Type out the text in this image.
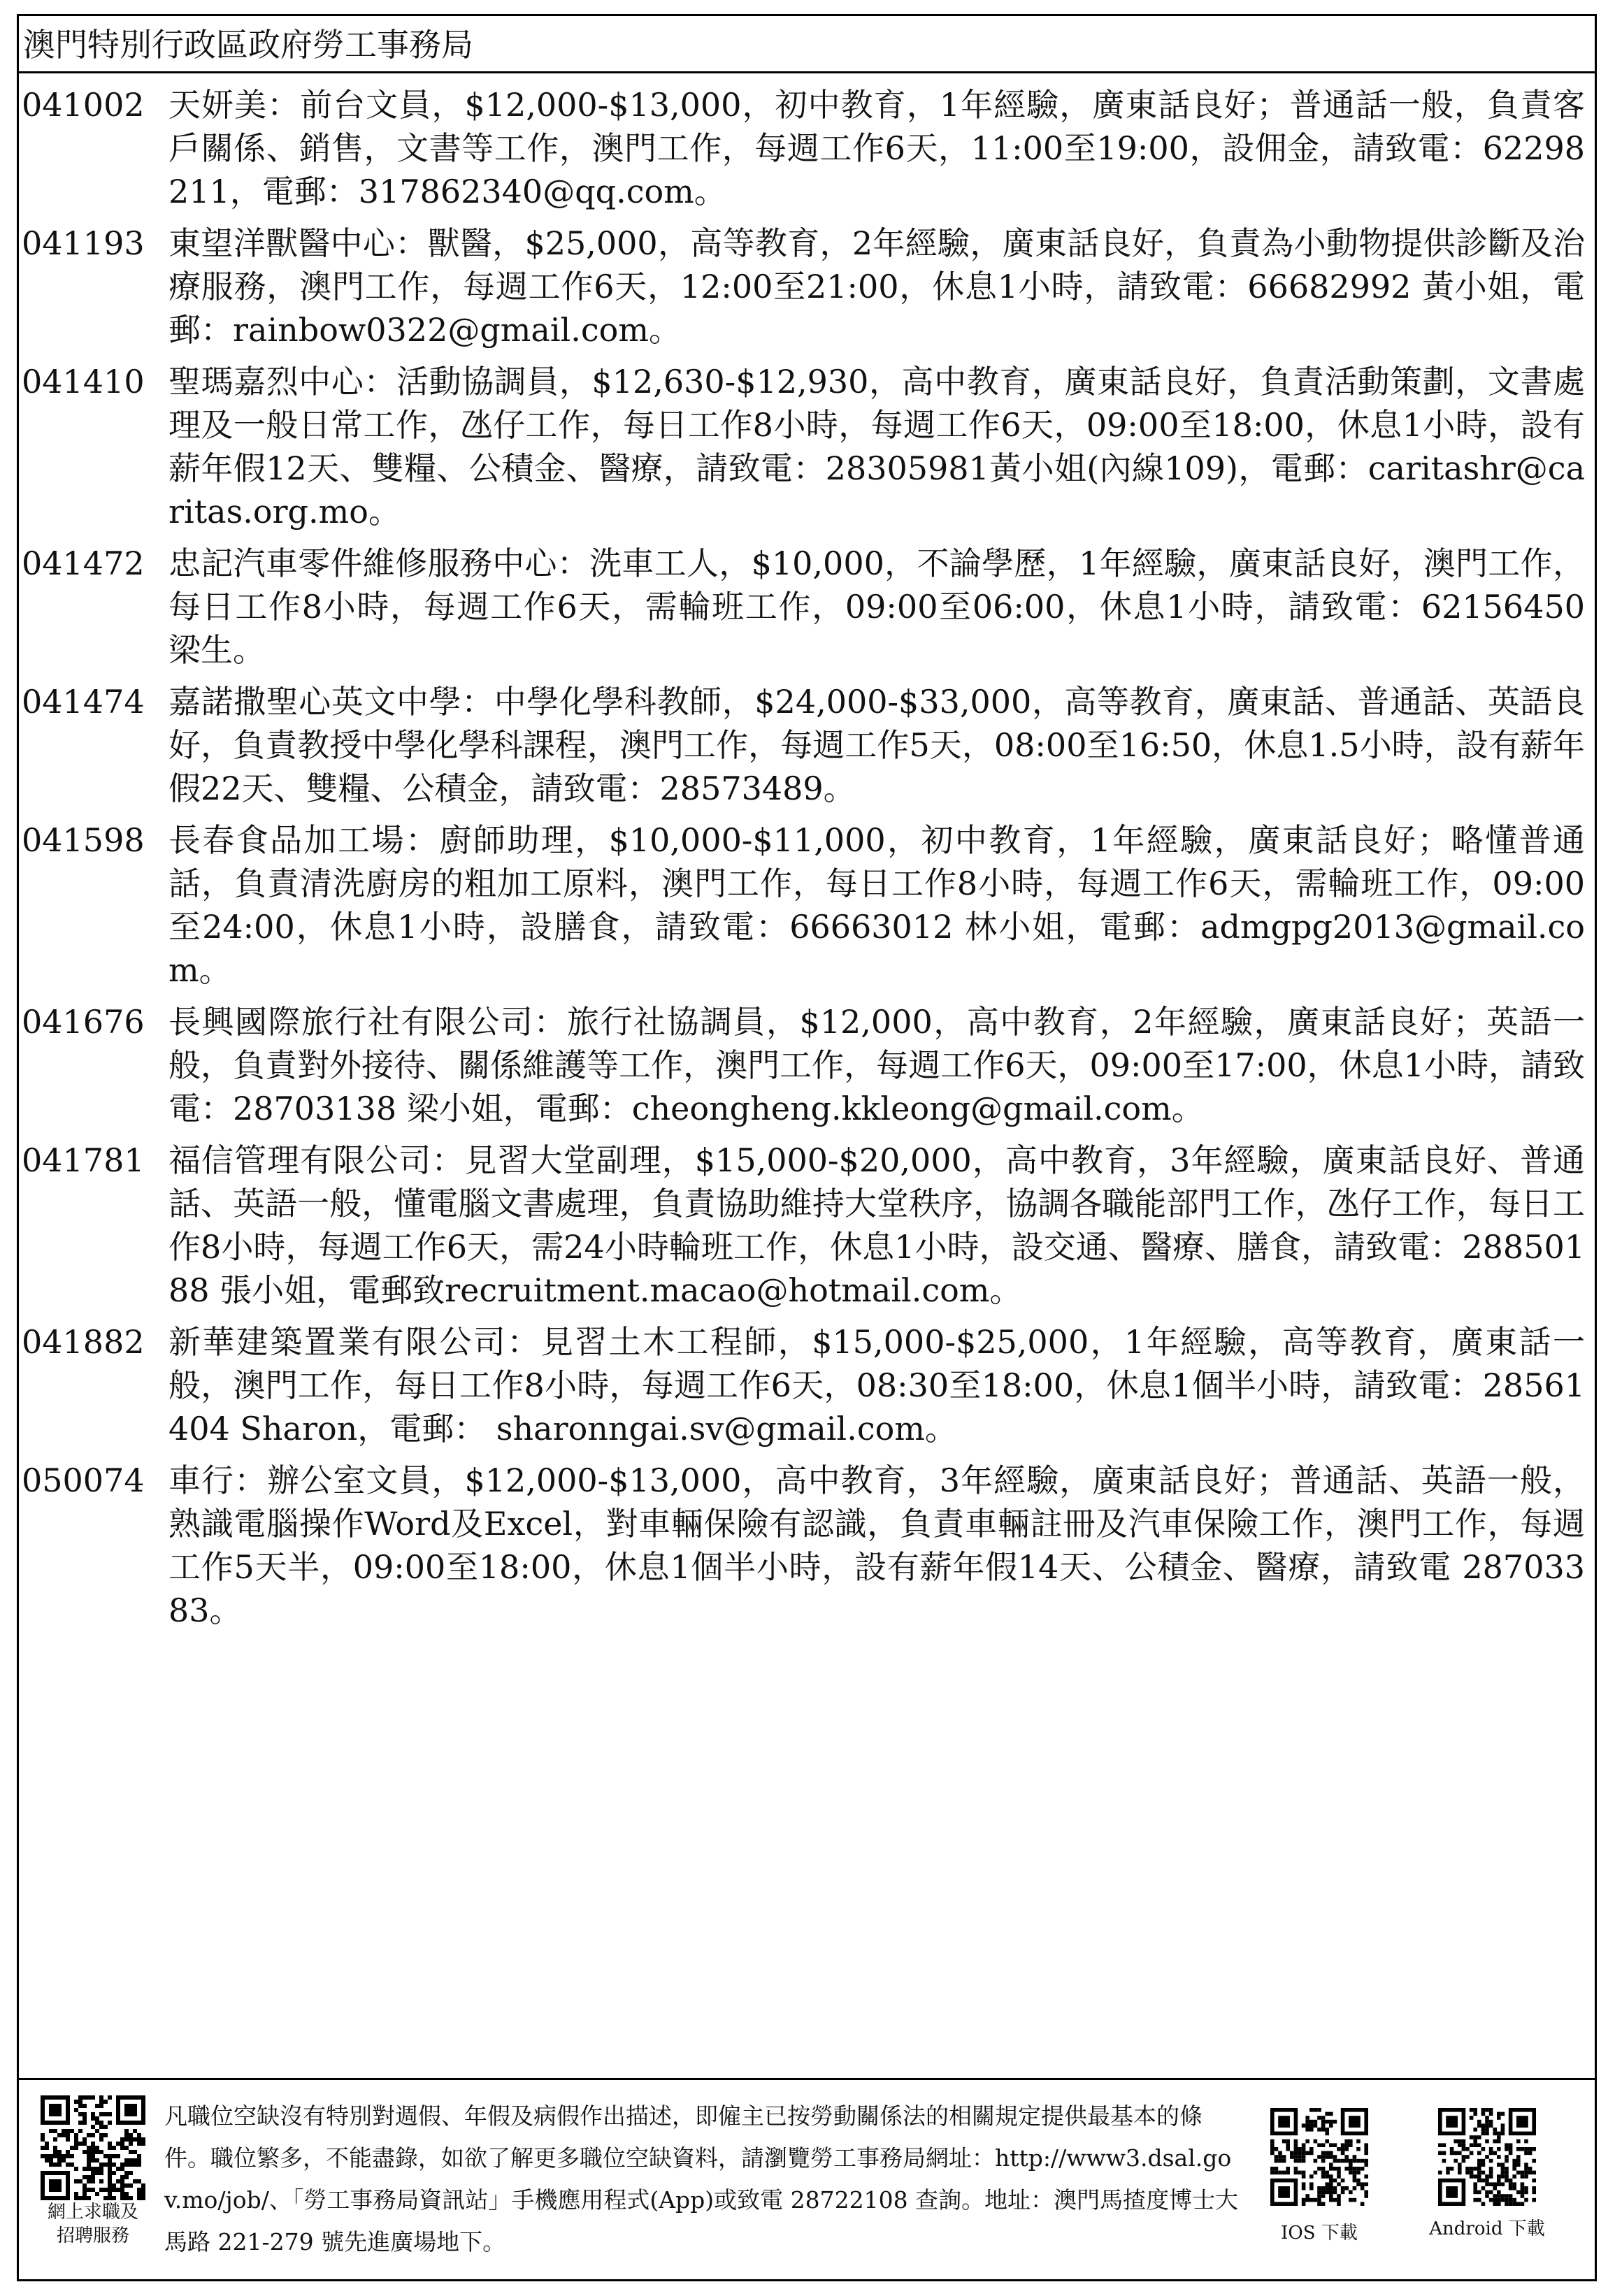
澳門特別行政區政府勞工事務局
041002 天妍美：前台文員，$12,000-$13,000，初中教育，1年經驗，廣東話良好；普通話一般，負責客戶關係、銷售，文書等工作，澳門工作，每週工作6天，11:00至19:00，設佣金，請致電：62298211，電郵：317862340@qq.com。
041193 東望洋獸醫中心：獸醫，$25,000，高等教育，2年經驗，廣東話良好，負責為小動物提供診斷及治療服務，澳門工作，每週工作6天，12:00至21:00，休息1小時，請致電：66682992 黃小姐，電郵：rainbow0322@gmail.com。
041410 聖瑪嘉烈中心：活動協調員，$12,630-$12,930，高中教育，廣東話良好，負責活動策劃，文書處理及一般日常工作，氹仔工作，每日工作8小時，每週工作6天，09:00至18:00，休息1小時，設有薪年假12天、雙糧、公積金、醫療，請致電：28305981黃小姐(內線109)，電郵：caritashr@caritas.org.mo。
041472 忠記汽車零件維修服務中心：洗車工人，$10,000，不論學歷，1年經驗，廣東話良好，澳門工作，每日工作8小時，每週工作6天，需輪班工作，09:00至06:00，休息1小時，請致電：62156450 梁生。
041474 嘉諾撒聖心英文中學：中學化學科教師，$24,000-$33,000，高等教育，廣東話、普通話、英語良好，負責教授中學化學科課程，澳門工作，每週工作5天，08:00至16:50，休息1.5小時，設有薪年假22天、雙糧、公積金，請致電：28573489。
041598 長春食品加工場：廚師助理，$10,000-$11,000，初中教育，1年經驗，廣東話良好；略懂普通話，負責清洗廚房的粗加工原料，澳門工作，每日工作8小時，每週工作6天，需輪班工作，09:00至24:00，休息1小時，設膳食，請致電：66663012 林小姐，電郵：admgpg2013@gmail.com。
041676 長興國際旅行社有限公司：旅行社協調員，$12,000，高中教育，2年經驗，廣東話良好；英語一般，負責對外接待、關係維護等工作，澳門工作，每週工作6天，09:00至17:00，休息1小時，請致電：28703138 梁小姐，電郵：cheongheng.kkleong@gmail.com。
041781 福信管理有限公司：見習大堂副理，$15,000-$20,000，高中教育，3年經驗，廣東話良好、普通話、英語一般，懂電腦文書處理，負責協助維持大堂秩序，協調各職能部門工作，氹仔工作，每日工作8小時，每週工作6天，需24小時輪班工作，休息1小時，設交通、醫療、膳食，請致電：28850188 張小姐，電郵致recruitment.macao@hotmail.com。
041882 新華建築置業有限公司：見習土木工程師，$15,000-$25,000，1年經驗，高等教育，廣東話一般，澳門工作，每日工作8小時，每週工作6天，08:30至18:00，休息1個半小時，請致電：28561404 Sharon，電郵： sharonngai.sv@gmail.com。
050074 車行：辦公室文員，$12,000-$13,000，高中教育，3年經驗，廣東話良好；普通話、英語一般，熟識電腦操作Word及Excel，對車輛保險有認識，負責車輛註冊及汽車保險工作，澳門工作，每週工作5天半，09:00至18:00，休息1個半小時，設有薪年假14天、公積金、醫療，請致電 28703383。
網上求職及
招聘服務
凡職位空缺沒有特別對週假、年假及病假作出描述，即僱主已按勞動關係法的相關規定提供最基本的條件。職位繁多，不能盡錄，如欲了解更多職位空缺資料，請瀏覽勞工事務局網址：http://www3.dsal.gov.mo/job/、「勞工事務局資訊站」手機應用程式(App)或致電 28722108 查詢。地址：澳門馬揸度博士大馬路 221-279 號先進廣場地下。	IOS 下載	Android 下載
